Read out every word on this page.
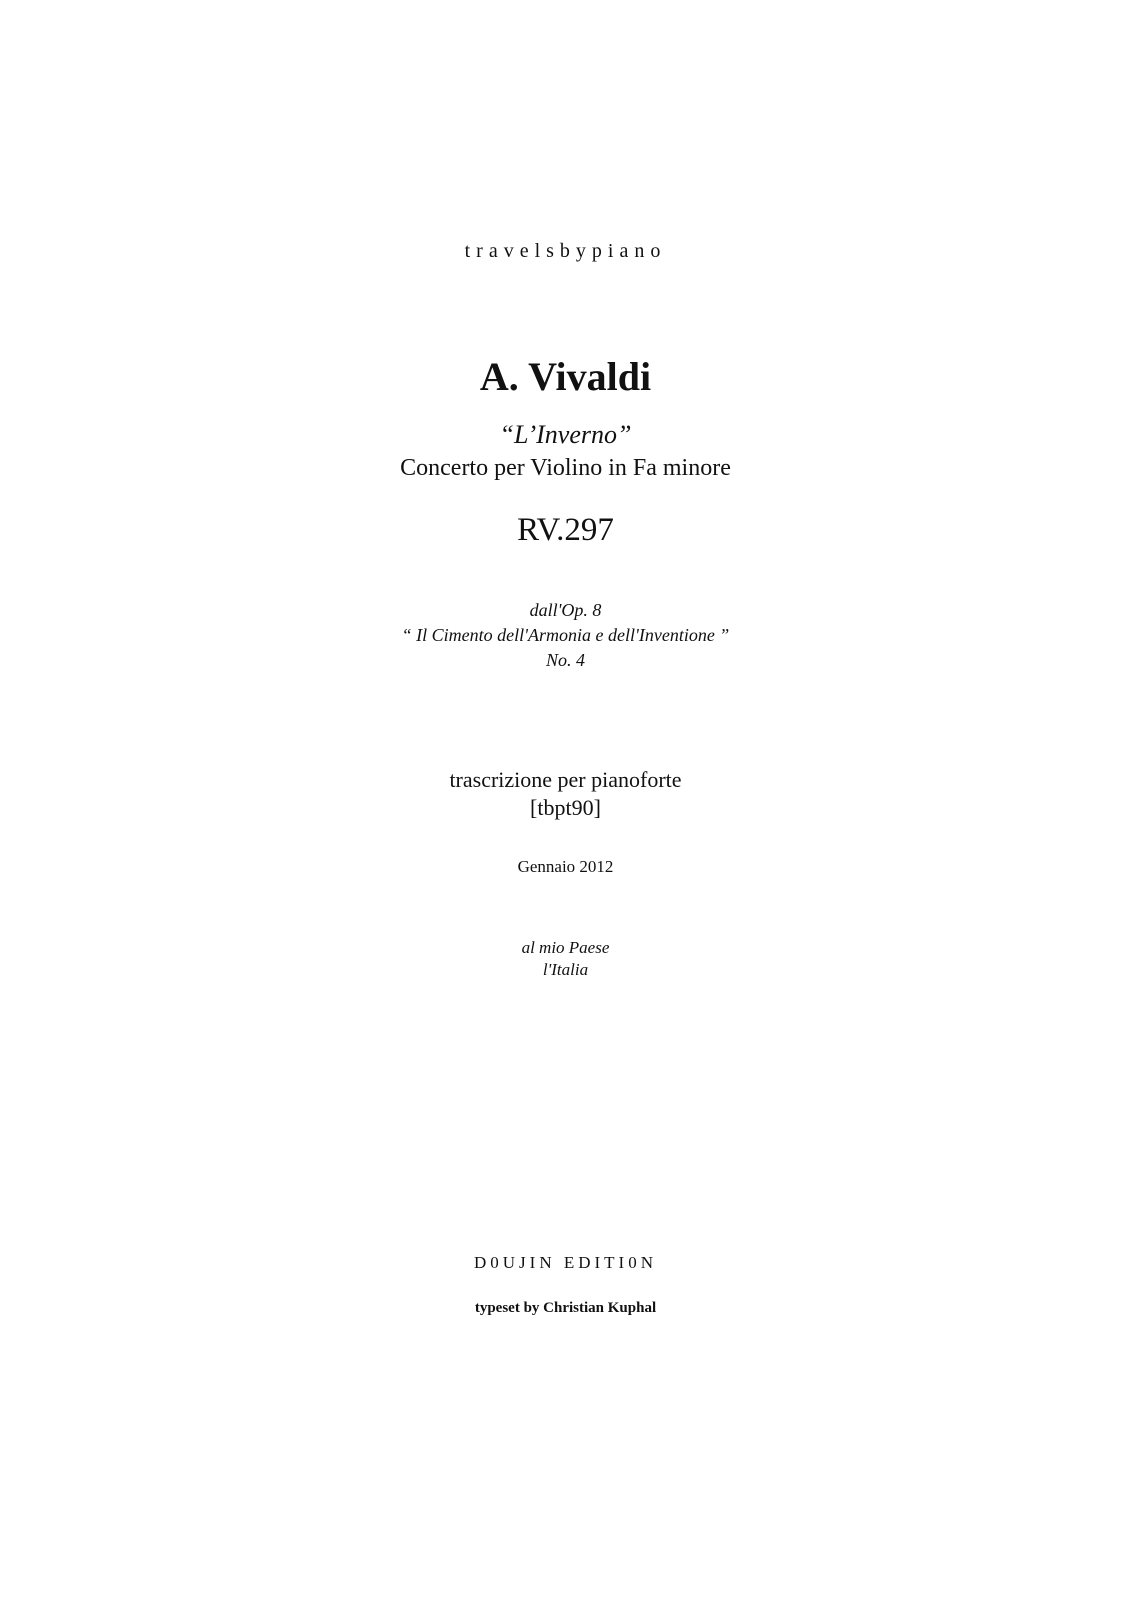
travelsbypiano
A. Vivaldi
“L’Inverno”
Concerto per Violino in Fa minore
RV.297
dall'Op. 8
“ Il Cimento dell'Armonia e dell'Inventione ”
No. 4
trascrizione per pianoforte
[tbpt90]
Gennaio 2012
al mio Paese
l'Italia
D0UJIN EDITI0N
typeset by Christian Kuphal
